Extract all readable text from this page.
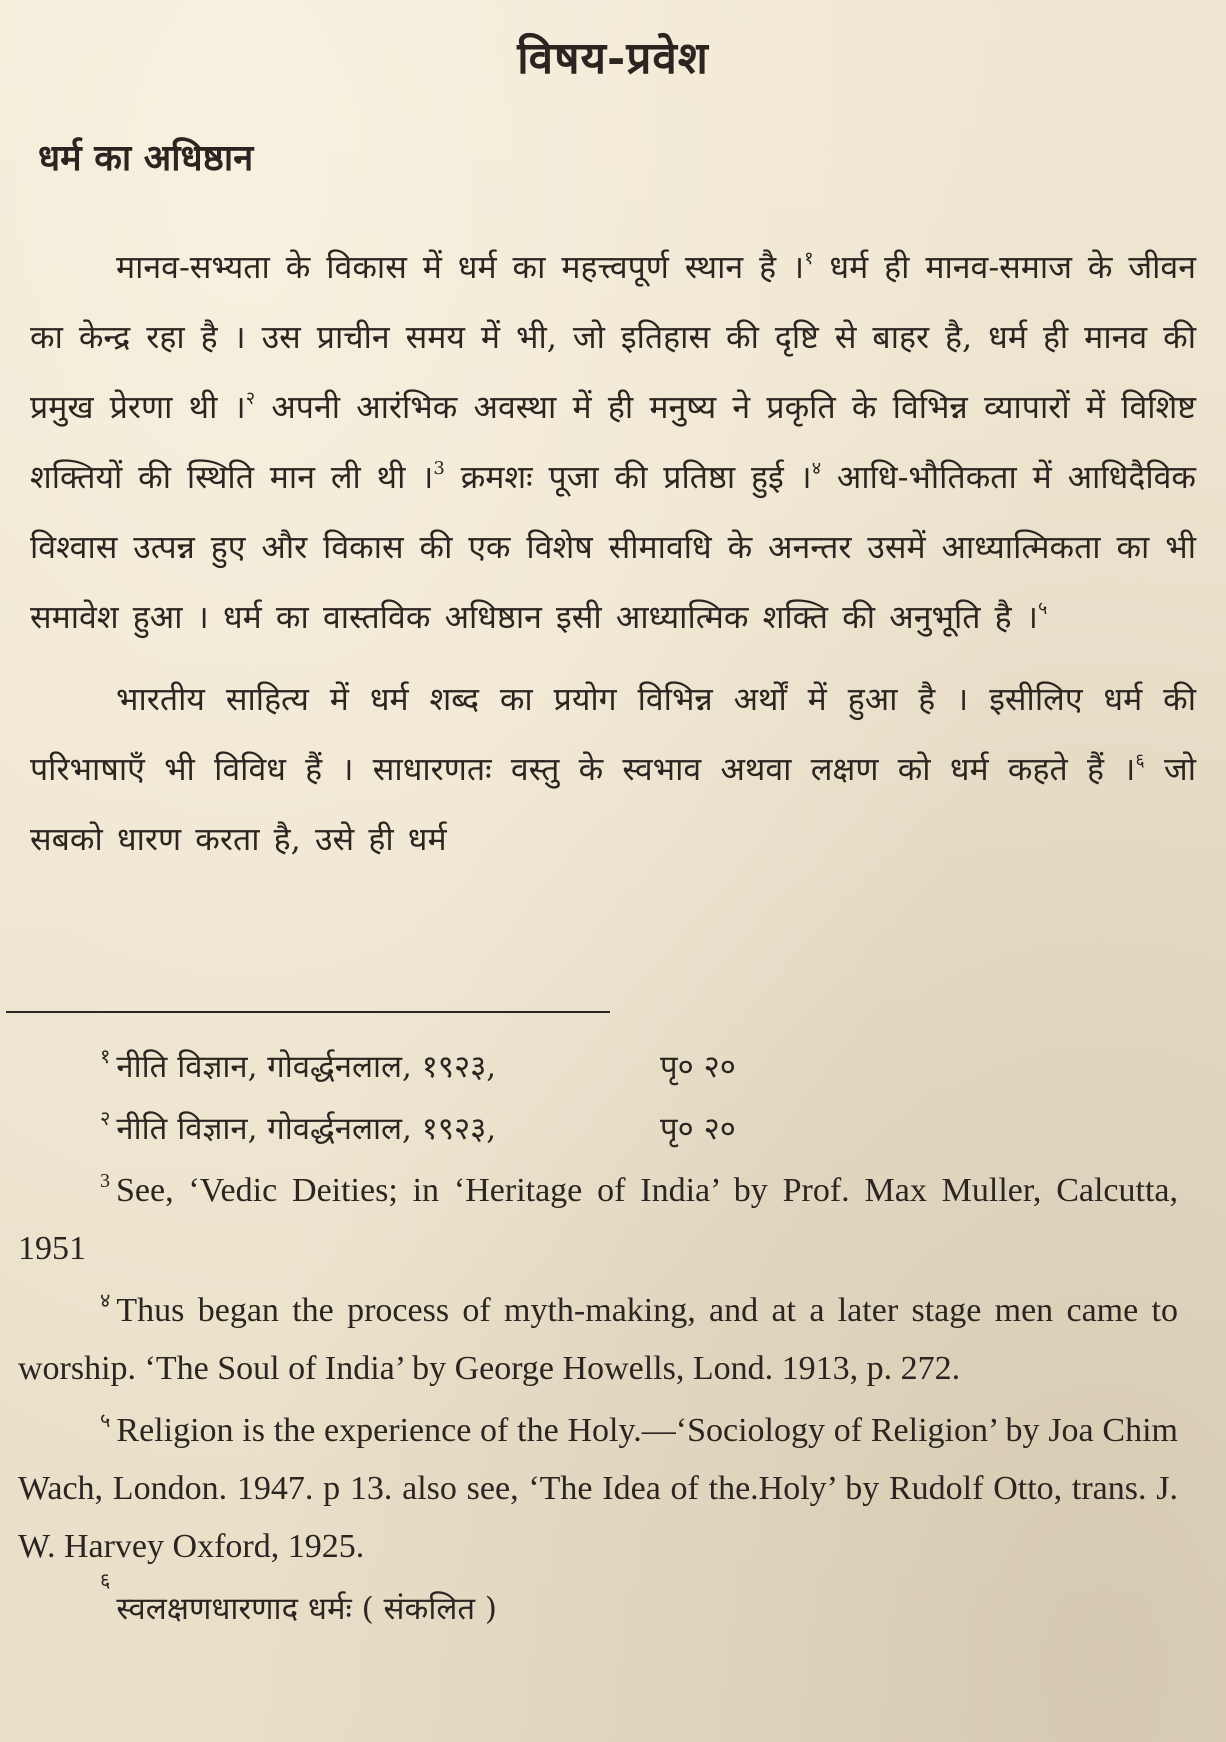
विषय-प्रवेश
धर्म का अधिष्ठान

मानव-सभ्यता के विकास में धर्म का महत्त्वपूर्ण स्थान है ।$^१$ धर्म ही मानव-समाज के जीवन का केन्द्र रहा है । उस प्राचीन समय में भी, जो इतिहास की दृष्टि से बाहर है, धर्म ही मानव की प्रमुख प्रेरणा थी ।$^२$ अपनी आरंभिक अवस्था में ही मनुष्य ने प्रकृति के विभिन्न व्यापारों में विशिष्ट शक्तियों की स्थिति मान ली थी ।$^3$ क्रमशः पूजा की प्रतिष्ठा हुई ।$^४$ आधि-भौतिकता में आधिदैविक विश्वास उत्पन्न हुए और विकास की एक विशेष सीमावधि के अनन्तर उसमें आध्यात्मिकता का भी समावेश हुआ । धर्म का वास्तविक अधिष्ठान इसी आध्यात्मिक शक्ति की अनुभूति है ।$^५$

भारतीय साहित्य में धर्म शब्द का प्रयोग विभिन्न अर्थों में हुआ है । इसीलिए धर्म की परिभाषाएँ भी विविध हैं । साधारणतः वस्तु के स्वभाव अथवा लक्षण को धर्म कहते हैं ।$^६$ जो सबको धारण करता है, उसे ही धर्म

$^१$ नीति विज्ञान, गोवर्द्धनलाल, १९२३,	पृ० २०
$^२$ नीति विज्ञान, गोवर्द्धनलाल, १९२३,	पृ० २०
$^3$ See, ‘Vedic Deities; in ‘Heritage of India’ by Prof. Max Muller, Calcutta, 1951
$^४$ Thus began the process of myth-making, and at a later stage men came to worship. ‘The Soul of India’ by George Howells, Lond. 1913, p. 272.
$^५$ Religion is the experience of the Holy.—‘Sociology of Religion’ by Joa Chim Wach, London. 1947. p 13. also see, ‘The Idea of the.Holy’ by Rudolf Otto, trans. J. W. Harvey Oxford, 1925.
६
स्वलक्षणधारणाद धर्मः ( संकलित )
